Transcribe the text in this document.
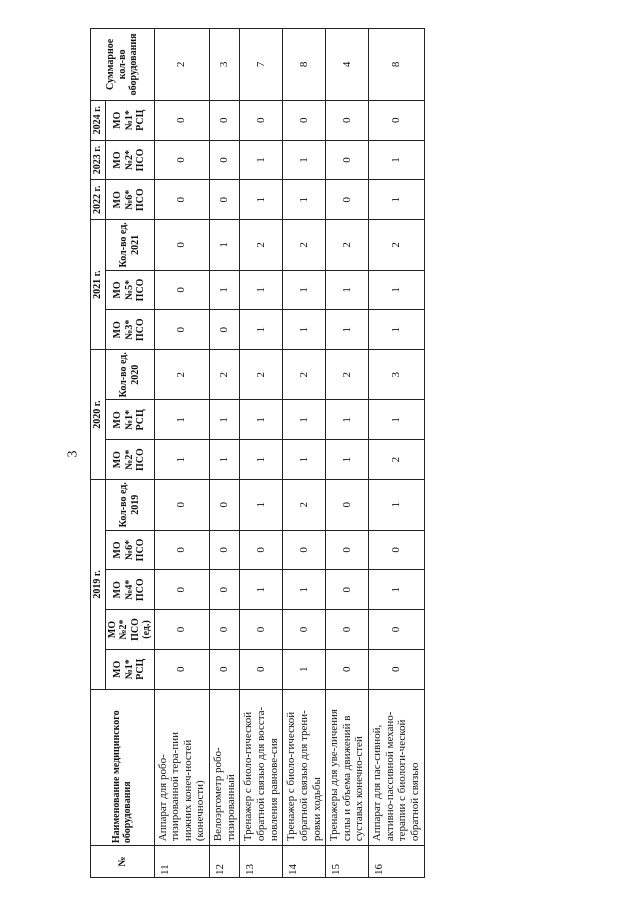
3
№	Наименование медицинского оборудования	2019 г.					2020 г.			2021 г.			2022 г.	2023 г.	2024 г.	Суммарное кол-во оборудования
		МО №1* РСЦ	МО №2* ПСО (ед.)	МО №4* ПСО	МО №6* ПСО	Кол-во ед. 2019	МО №2* ПСО	МО №1* РСЦ	Кол-во ед. 2020	МО №3* ПСО	МО №5* ПСО	Кол-во ед. 2021	МО №6* ПСО	МО №2* ПСО	МО №1* РСЦ	
11	Аппарат для робо-тизированной тера-пии нижних конеч-ностей (конечности)	0	0	0	0	0	1	1	2	0	0	0	0	0	0	2
12	Велоэргометр робо-тизированный	0	0	0	0	0	1	1	2	0	1	1	0	0	0	3
13	Тренажер с биоло-гической обратной связью для восста-новления равнове-сия	0	0	1	0	1	1	1	2	1	1	2	1	1	0	7
14	Тренажер с биоло-гической обратной связью для трени-ровки ходьбы	1	0	1	0	2	1	1	2	1	1	2	1	1	0	8
15	Тренажеры для уве-личения силы и объема движений в суставах конечно-стей	0	0	0	0	0	1	1	2	1	1	2	0	0	0	4
16	Аппарат для пас-сивной, активно-пассивной механо-терапии с биологи-ческой обратной связью	0	0	1	0	1	2	1	3	1	1	2	1	1	0	8
